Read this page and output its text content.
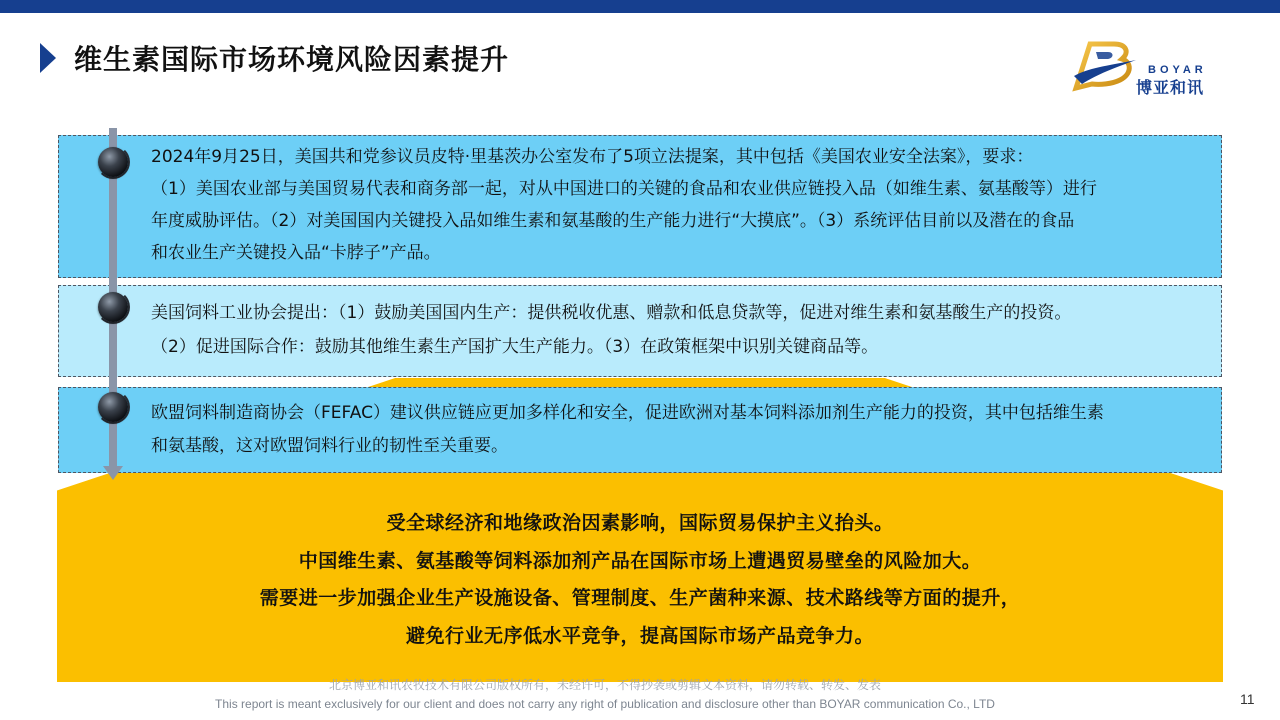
维生素国际市场环境风险因素提升	BOYAR
博亚和讯

受全球经济和地缘政治因素影响，国际贸易保护主义抬头。

中国维生素、氨基酸等饲料添加剂产品在国际市场上遭遇贸易壁垒的风险加大。

需要进一步加强企业生产设施设备、管理制度、生产菌种来源、技术路线等方面的提升，

避免行业无序低水平竞争，提高国际市场产品竞争力。

2024年9月25日，美国共和党参议员皮特·里基茨办公室发布了5项立法提案，其中包括《美国农业安全法案》，要求：

（1）美国农业部与美国贸易代表和商务部一起，对从中国进口的关键的食品和农业供应链投入品（如维生素、氨基酸等）进行

年度威胁评估。（2）对美国国内关键投入品如维生素和氨基酸的生产能力进行“大摸底”。（3）系统评估目前以及潜在的食品

和农业生产关键投入品“卡脖子”产品。

美国饲料工业协会提出：（1）鼓励美国国内生产：提供税收优惠、赠款和低息贷款等，促进对维生素和氨基酸生产的投资。

（2）促进国际合作：鼓励其他维生素生产国扩大生产能力。（3）在政策框架中识别关键商品等。

欧盟饲料制造商协会（FEFAC）建议供应链应更加多样化和安全，促进欧洲对基本饲料添加剂生产能力的投资，其中包括维生素

和氨基酸，这对欧盟饲料行业的韧性至关重要。

北京博亚和讯农牧技术有限公司版权所有，未经许可，不得抄袭或剪辑文本资料，请勿转载、转发、发表
This report is meant exclusively for our client and does not carry any right of publication and disclosure other than BOYAR communication Co., LTD	11
